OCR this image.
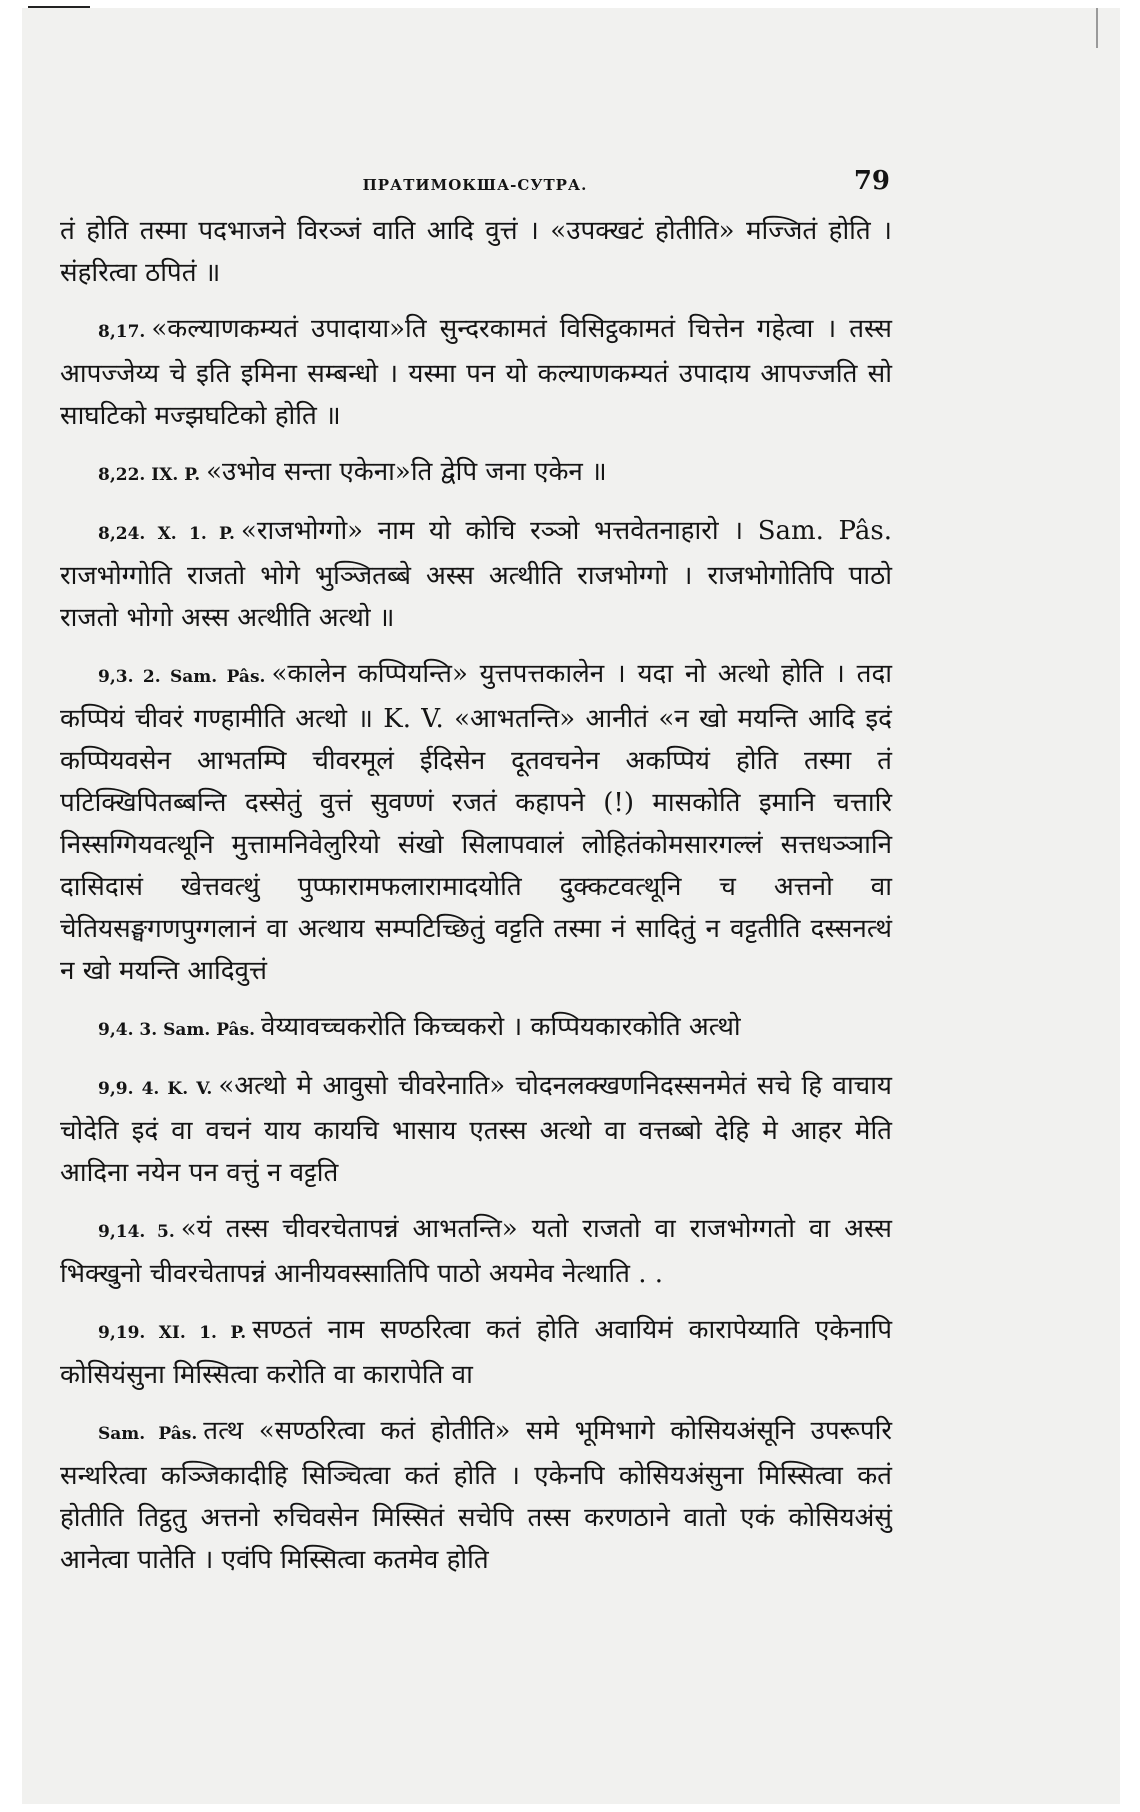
ПРАТИМОКША-СУТРА.	79

तं होति तस्मा पदभाजने विरञ्जं वाति आदि वुत्तं । «उपक्खटं होतीति» मज्जितं होति । संहरित्वा ठपितं ॥

8,17. «कल्याणकम्यतं उपादाया»ति सुन्दरकामतं विसिट्ठकामतं चित्तेन गहेत्वा । तस्स आपज्जेय्य चे इति इमिना सम्बन्धो । यस्मा पन यो कल्याणकम्यतं उपादाय आपज्जति सो साघटिको मज्झघटिको होति ॥

8,22. IX. P. «उभोव सन्ता एकेना»ति द्वेपि जना एकेन ॥

8,24. X. 1. P. «राजभोग्गो» नाम यो कोचि रञ्ञो भत्तवेतनाहारो । Sam. Pâs. राजभोग्गोति राजतो भोगे भुञ्जितब्बे अस्स अत्थीति राजभोग्गो । राजभोगोतिपि पाठो राजतो भोगो अस्स अत्थीति अत्थो ॥

9,3. 2. Sam. Pâs. «कालेन कप्पियन्ति» युत्तपत्तकालेन । यदा नो अत्थो होति । तदा कप्पियं चीवरं गण्हामीति अत्थो ॥ K. V. «आभतन्ति» आनीतं «न खो मयन्ति आदि इदं कप्पियवसेन आभतम्पि चीवरमूलं ईदिसेन दूतवचनेन अकप्पियं होति तस्मा तं पटिक्खिपितब्बन्ति दस्सेतुं वुत्तं सुवण्णं रजतं कहापने (!) मासकोति इमानि चत्तारि निस्सग्गियवत्थूनि मुत्तामनिवेलुरियो संखो सिलापवालं लोहितंकोमसारगल्लं सत्तधञ्ञानि दासिदासं खेत्तवत्थुं पुप्फारामफलारामादयोति दुक्कटवत्थूनि च अत्तनो वा चेतियसङ्घगणपुग्गलानं वा अत्थाय सम्पटिच्छितुं वट्टति तस्मा नं सादितुं न वट्टतीति दस्सनत्थं न खो मयन्ति आदिवुत्तं

9,4. 3. Sam. Pâs. वेय्यावच्चकरोति किच्चकरो । कप्पियकारकोति अत्थो

9,9. 4. K. V. «अत्थो मे आवुसो चीवरेनाति» चोदनलक्खणनिदस्सनमेतं सचे हि वाचाय चोदेति इदं वा वचनं याय कायचि भासाय एतस्स अत्थो वा वत्तब्बो देहि मे आहर मेति आदिना नयेन पन वत्तुं न वट्टति

9,14. 5. «यं तस्स चीवरचेतापन्नं आभतन्ति» यतो राजतो वा राजभोग्गतो वा अस्स भिक्खुनो चीवरचेतापन्नं आनीयवस्सातिपि पाठो अयमेव नेत्थाति . .

9,19. XI. 1. P. सण्ठतं नाम सण्ठरित्वा कतं होति अवायिमं कारापेय्याति एकेनापि कोसियंसुना मिस्सित्वा करोति वा कारापेति वा

Sam. Pâs. तत्थ «सण्ठरित्वा कतं होतीति» समे भूमिभागे कोसियअंसूनि उपरूपरि सन्थरित्वा कञ्जिकादीहि सिञ्चित्वा कतं होति । एकेनपि कोसियअंसुना मिस्सित्वा कतं होतीति तिट्ठतु अत्तनो रुचिवसेन मिस्सितं सचेपि तस्स करणठाने वातो एकं कोसियअंसुं आनेत्वा पातेति । एवंपि मिस्सित्वा कतमेव होति
